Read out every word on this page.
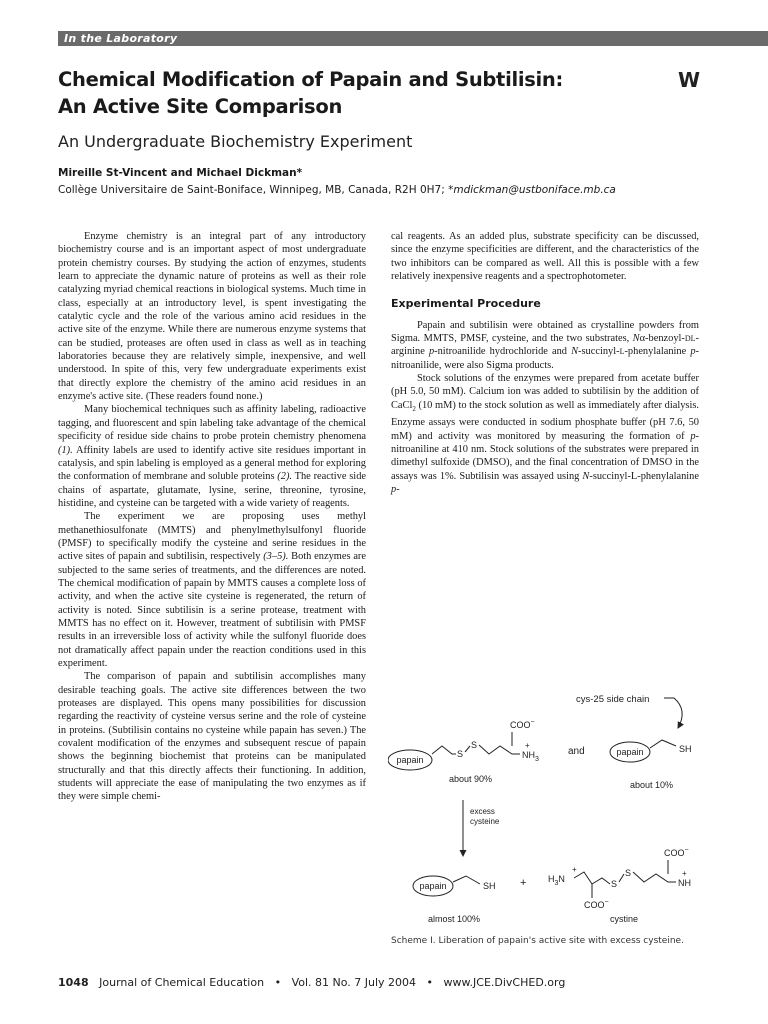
In the Laboratory
Chemical Modification of Papain and Subtilisin:
An Active Site Comparison
W
An Undergraduate Biochemistry Experiment
Mireille St-Vincent and Michael Dickman*
Collège Universitaire de Saint-Boniface, Winnipeg, MB, Canada, R2H 0H7; *mdickman@ustboniface.mb.ca

Enzyme chemistry is an integral part of any introductory biochemistry course and is an important aspect of most undergraduate protein chemistry courses. By studying the action of enzymes, students learn to appreciate the dynamic nature of proteins as well as their role catalyzing myriad chemical reactions in biological systems. Much time in class, especially at an introductory level, is spent investigating the catalytic cycle and the role of the various amino acid residues in the active site of the enzyme. While there are numerous enzyme systems that can be studied, proteases are often used in class as well as in teaching laboratories because they are relatively simple, inexpensive, and well understood. In spite of this, very few undergraduate experiments exist that directly explore the chemistry of the amino acid residues in an enzyme's active site. (These readers found none.)

Many biochemical techniques such as affinity labeling, radioactive tagging, and fluorescent and spin labeling take advantage of the chemical specificity of residue side chains to probe protein chemistry phenomena (1). Affinity labels are used to identify active site residues important in catalysis, and spin labeling is employed as a general method for exploring the conformation of membrane and soluble proteins (2). The reactive side chains of aspartate, glutamate, lysine, serine, threonine, tyrosine, histidine, and cysteine can be targeted with a wide variety of reagents.

The experiment we are proposing uses methyl methanethiosulfonate (MMTS) and phenylmethylsulfonyl fluoride (PMSF) to specifically modify the cysteine and serine residues in the active sites of papain and subtilisin, respectively (3–5). Both enzymes are subjected to the same series of treatments, and the differences are noted. The chemical modification of papain by MMTS causes a complete loss of activity, and when the active site cysteine is regenerated, the return of activity is noted. Since subtilisin is a serine protease, treatment with MMTS has no effect on it. However, treatment of subtilisin with PMSF results in an irreversible loss of activity while the sulfonyl fluoride does not dramatically affect papain under the reaction conditions used in this experiment.

The comparison of papain and subtilisin accomplishes many desirable teaching goals. The active site differences between the two proteases are displayed. This opens many possibilities for discussion regarding the reactivity of cysteine versus serine and the role of cysteine in proteins. (Subtilisin contains no cysteine while papain has seven.) The covalent modification of the enzymes and subsequent rescue of papain shows the beginning biochemist that proteins can be manipulated structurally and that this directly affects their functioning. In addition, students will appreciate the ease of manipulating the two enzymes as if they were simple chemi-

cal reagents. As an added plus, substrate specificity can be discussed, since the enzyme specificities are different, and the characteristics of the two inhibitors can be compared as well. All this is possible with a few relatively inexpensive reagents and a spectrophotometer.

Experimental Procedure

Papain and subtilisin were obtained as crystalline powders from Sigma. MMTS, PMSF, cysteine, and the two substrates, Nα-benzoyl-DL-arginine p-nitroanilide hydrochloride and N-succinyl-L-phenylalanine p-nitroanilide, were also Sigma products.

Stock solutions of the enzymes were prepared from acetate buffer (pH 5.0, 50 mM). Calcium ion was added to subtilisin by the addition of CaCl$_2$ (10 mM) to the stock solution as well as immediately after dialysis. Enzyme assays were conducted in sodium phosphate buffer (pH 7.6, 50 mM) and activity was monitored by measuring the formation of p-nitroaniline at 410 nm. Stock solutions of the substrates were prepared in dimethyl sulfoxide (DMSO), and the final concentration of DMSO in the assays was 1%. Subtilisin was assayed using N-succinyl-L-phenylalanine p-

cys-25 side chain
papain
S
S
COO−
$NH_3$
+
about 90%
and	papain	SH
about 10%
excess
cysteine
papain	SH
almost 100%
+ $H_3N$
+
COO−
S
S
COO−
NH
+
cystine
Scheme I. Liberation of papain's active site with excess cysteine.
1048 Journal of Chemical Education • Vol. 81 No. 7 July 2004 • www.JCE.DivCHED.org
